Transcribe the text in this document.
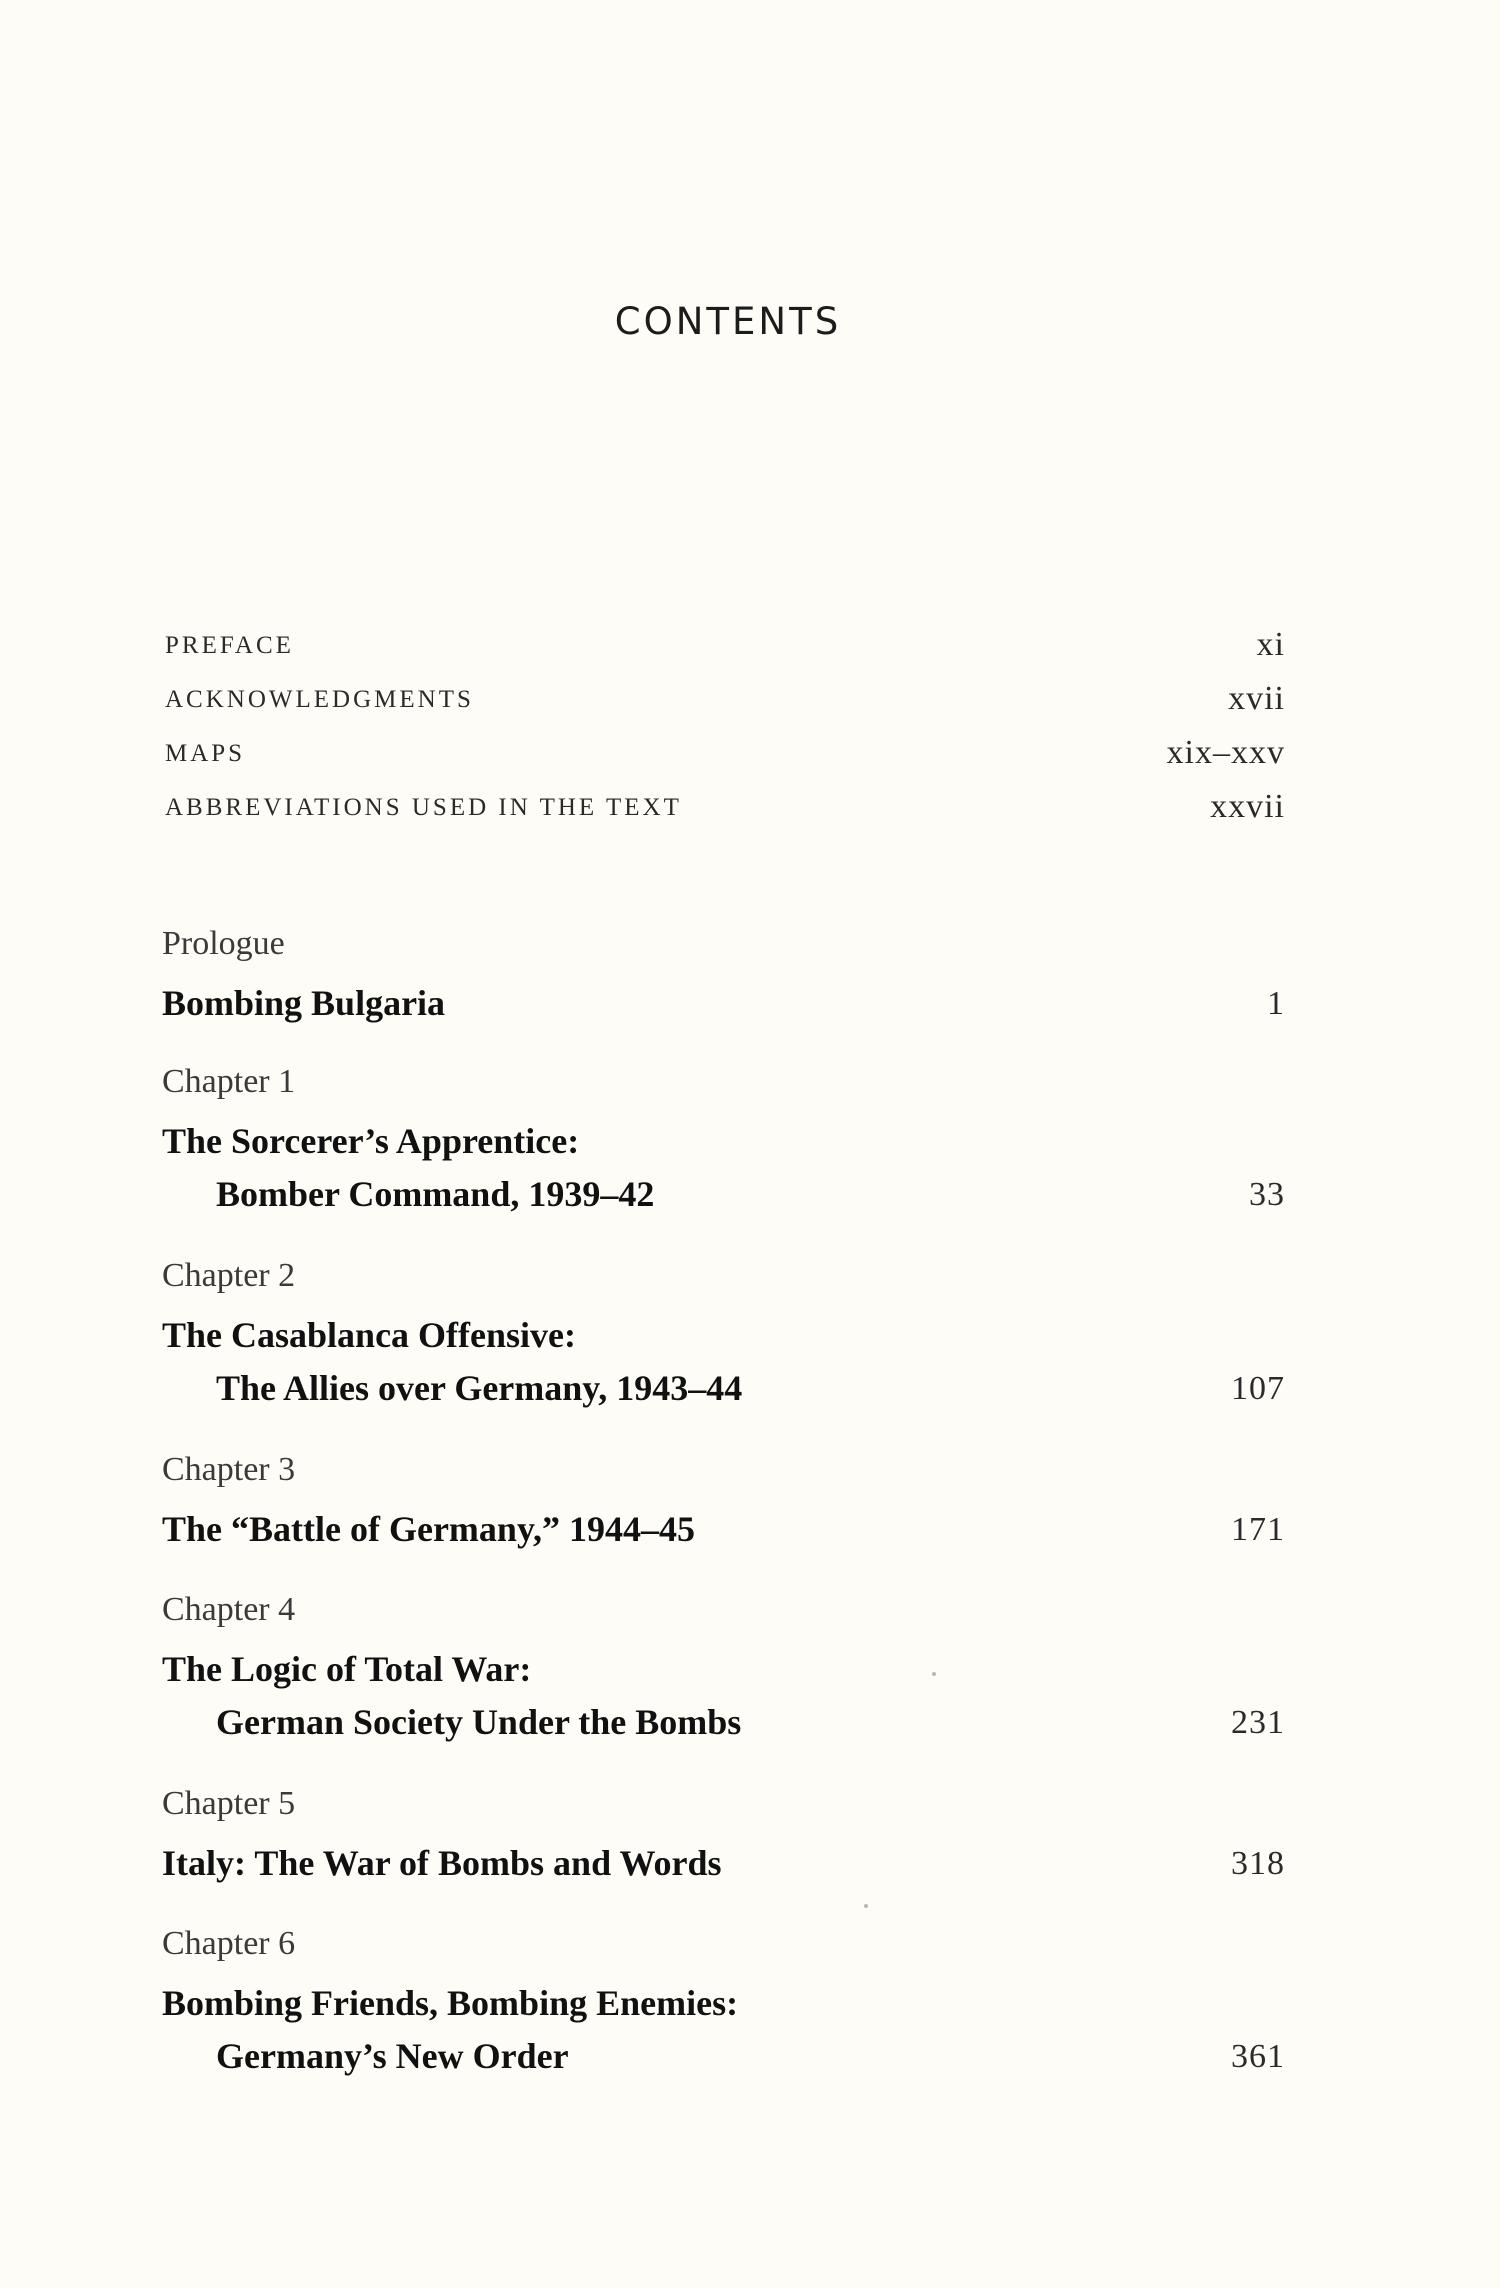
CONTENTS
PREFACE	xi
ACKNOWLEDGMENTS	xvii
MAPS	xix–xxv
ABBREVIATIONS USED IN THE TEXT	xxvii
Prologue
Bombing Bulgaria	1
Chapter 1
The Sorcerer’s Apprentice:
Bomber Command, 1939–42	33
Chapter 2
The Casablanca Offensive:
The Allies over Germany, 1943–44	107
Chapter 3
The “Battle of Germany,” 1944–45	171
Chapter 4
The Logic of Total War:
German Society Under the Bombs	231
Chapter 5
Italy: The War of Bombs and Words	318
Chapter 6
Bombing Friends, Bombing Enemies:
Germany’s New Order	361
